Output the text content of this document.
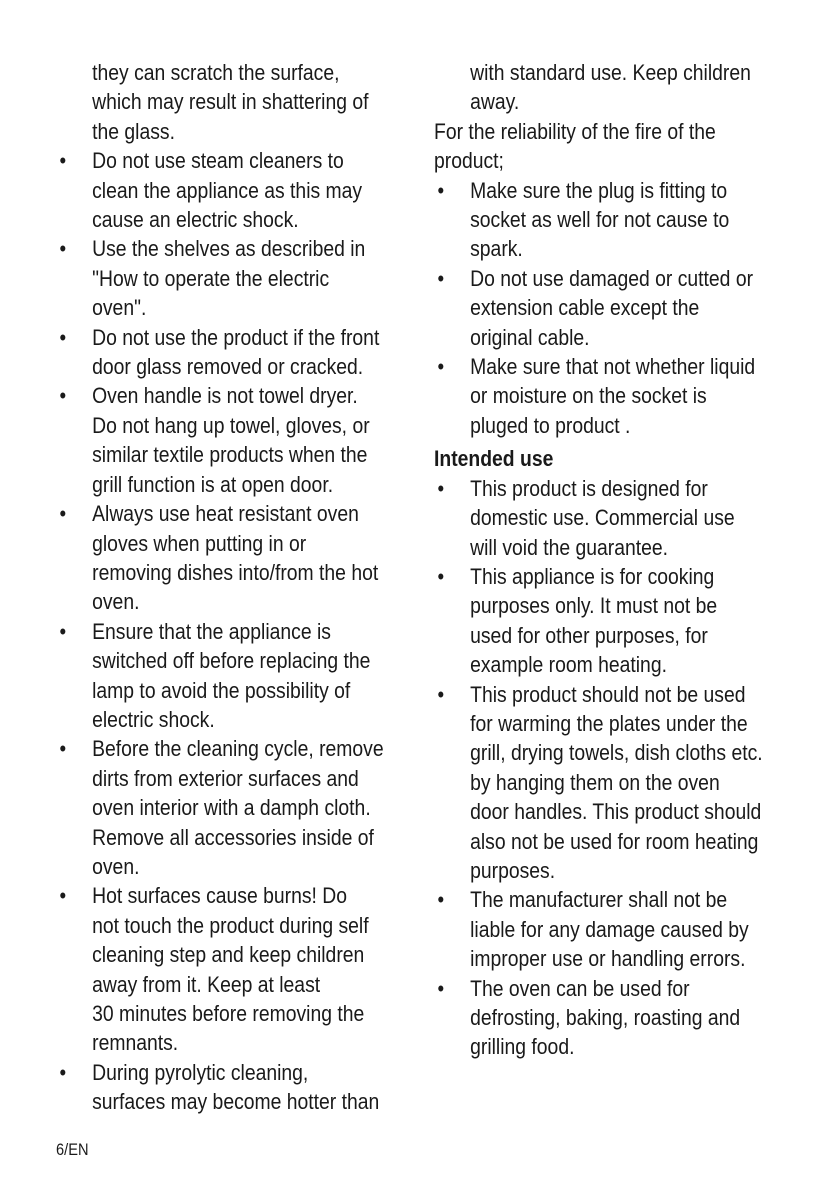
they can scratch the surface,
which may result in shattering of
the glass.
• Do not use steam cleaners to
clean the appliance as this may
cause an electric shock.
• Use the shelves as described in
"How to operate the electric
oven".
• Do not use the product if the front
door glass removed or cracked.
• Oven handle is not towel dryer.
Do not hang up towel, gloves, or
similar textile products when the
grill function is at open door.
• Always use heat resistant oven
gloves when putting in or
removing dishes into/from the hot
oven.
• Ensure that the appliance is
switched off before replacing the
lamp to avoid the possibility of
electric shock.
• Before the cleaning cycle, remove
dirts from exterior surfaces and
oven interior with a damph cloth.
Remove all accessories inside of
oven.
• Hot surfaces cause burns! Do
not touch the product during self
cleaning step and keep children
away from it. Keep at least
30 minutes before removing the
remnants.
• During pyrolytic cleaning,
surfaces may become hotter than
with standard use. Keep children
away.
For the reliability of the fire of the
product;
• Make sure the plug is fitting to
socket as well for not cause to
spark.
• Do not use damaged or cutted or
extension cable except the
original cable.
• Make sure that not whether liquid
or moisture on the socket is
pluged to product .
Intended use
• This product is designed for
domestic use. Commercial use
will void the guarantee.
• This appliance is for cooking
purposes only. It must not be
used for other purposes, for
example room heating.
• This product should not be used
for warming the plates under the
grill, drying towels, dish cloths etc.
by hanging them on the oven
door handles. This product should
also not be used for room heating
purposes.
• The manufacturer shall not be
liable for any damage caused by
improper use or handling errors.
• The oven can be used for
defrosting, baking, roasting and
grilling food.
6/EN
